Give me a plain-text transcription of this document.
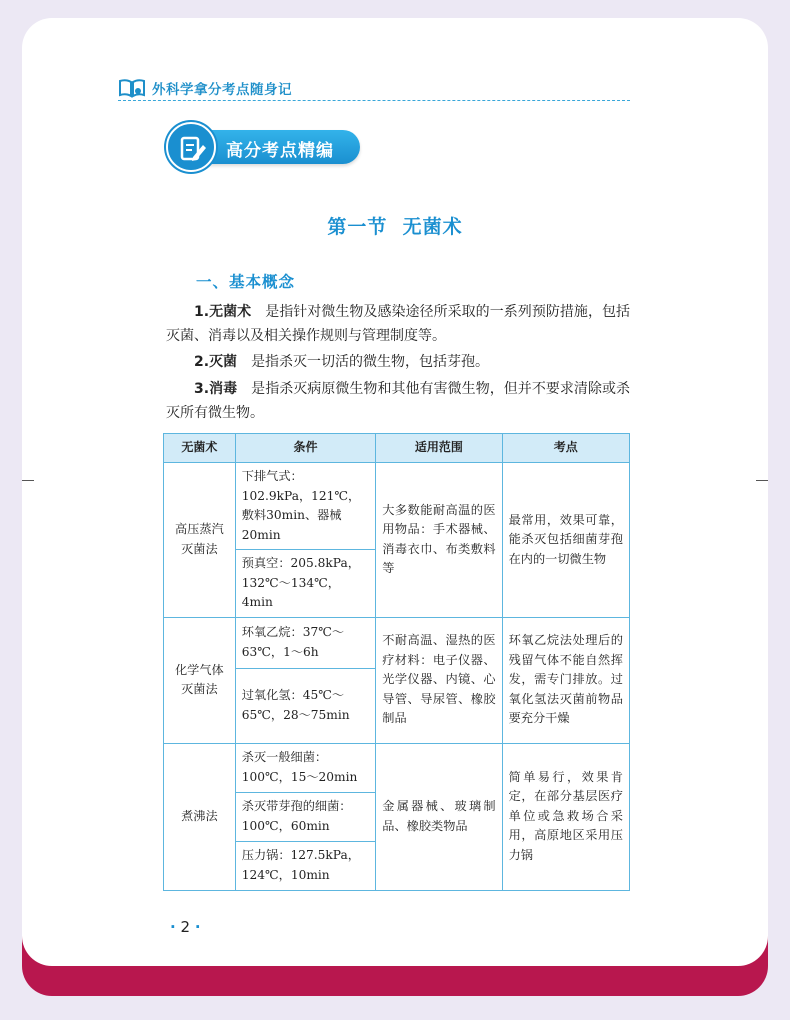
外科学拿分考点随身记
高分考点精编
第一节  无菌术
一、基本概念
1.无菌术 是指针对微生物及感染途径所采取的一系列预防措施，包括灭菌、消毒以及相关操作规则与管理制度等。
2.灭菌 是指杀灭一切活的微生物，包括芽孢。
3.消毒 是指杀灭病原微生物和其他有害微生物，但并不要求清除或杀灭所有微生物。
无菌术	条件	适用范围	考点
高压蒸汽灭菌法	下排气式：102.9kPa，121℃，敷料30min、器械20min	大多数能耐高温的医用物品：手术器械、消毒衣巾、布类敷料等	最常用，效果可靠，能杀灭包括细菌芽孢在内的一切微生物
	预真空：205.8kPa，132℃～134℃，4min		
化学气体灭菌法	环氧乙烷：37℃～63℃，1～6h	不耐高温、湿热的医疗材料：电子仪器、光学仪器、内镜、心导管、导尿管、橡胶制品	环氧乙烷法处理后的残留气体不能自然挥发，需专门排放。过氧化氢法灭菌前物品要充分干燥
	过氧化氢：45℃～65℃，28～75min		
煮沸法	杀灭一般细菌：100℃，15～20min	金属器械、玻璃制品、橡胶类物品	简单易行，效果肯定，在部分基层医疗单位或急救场合采用，高原地区采用压力锅
	杀灭带芽孢的细菌：100℃，60min		
	压力锅：127.5kPa，124℃，10min		
· 2 ·
